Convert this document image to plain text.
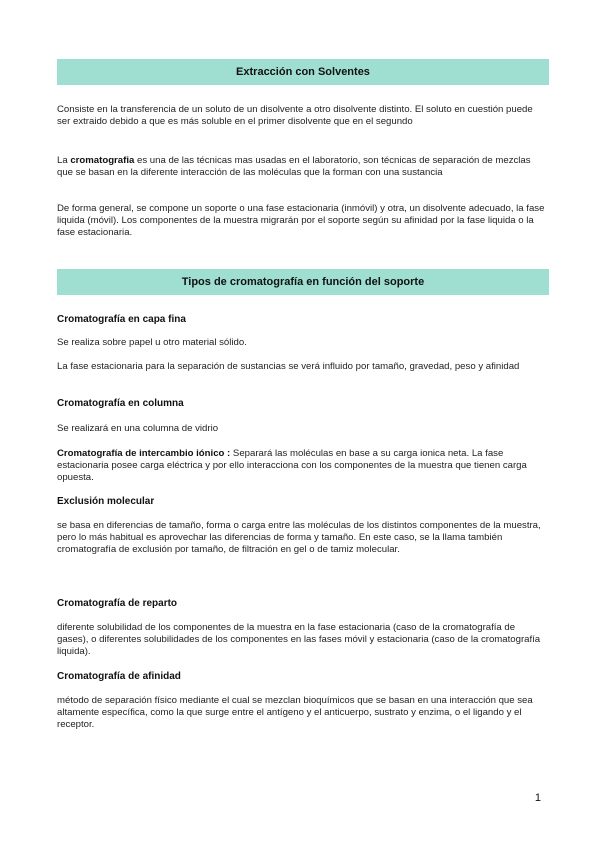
Extracción con Solventes

Consiste en la transferencia de un soluto de un disolvente a otro disolvente distinto. El soluto en cuestión puede ser extraido debido a que es más soluble en el primer disolvente que en el segundo

La cromatografia es una de las técnicas mas usadas en el laboratorio, son técnicas de separación de mezclas que se basan en la diferente interacción de las moléculas que la forman con una sustancia

De forma general, se compone un soporte o una fase estacionaria (inmóvil) y otra, un disolvente adecuado, la fase liquida (móvil). Los componentes de la muestra migrarán por el soporte según su afinidad por la fase liquida o la fase estacionaria.

Tipos de cromatografía en función del soporte

Cromatografía en capa fina

Se realiza sobre papel u otro material sólido.

La fase estacionaria para la separación de sustancias se verá influido por tamaño, gravedad, peso y afinidad

Cromatografía en columna

Se realizará en una columna de vidrio

Cromatografía de intercambio iónico : Separará las moléculas en base a su carga ionica neta. La fase estacionaria posee carga eléctrica y por ello interacciona con los componentes de la muestra que tienen carga opuesta.

Exclusión molecular

se basa en diferencias de tamaño, forma o carga entre las moléculas de los distintos componentes de la muestra, pero lo más habitual es aprovechar las diferencias de forma y tamaño. En este caso, se la llama también cromatografía de exclusión por tamaño, de filtración en gel o de tamiz molecular.

Cromatografía de reparto

diferente solubilidad de los componentes de la muestra en la fase estacionaria (caso de la cromatografía de gases), o diferentes solubilidades de los componentes en las fases móvil y estacionaria (caso de la cromatografía liquida).

Cromatografía de afinidad

método de separación físico mediante el cual se mezclan bioquímicos que se basan en una interacción que sea altamente específica, como la que surge entre el antígeno y el anticuerpo, sustrato y enzima, o el ligando y el receptor.

1
